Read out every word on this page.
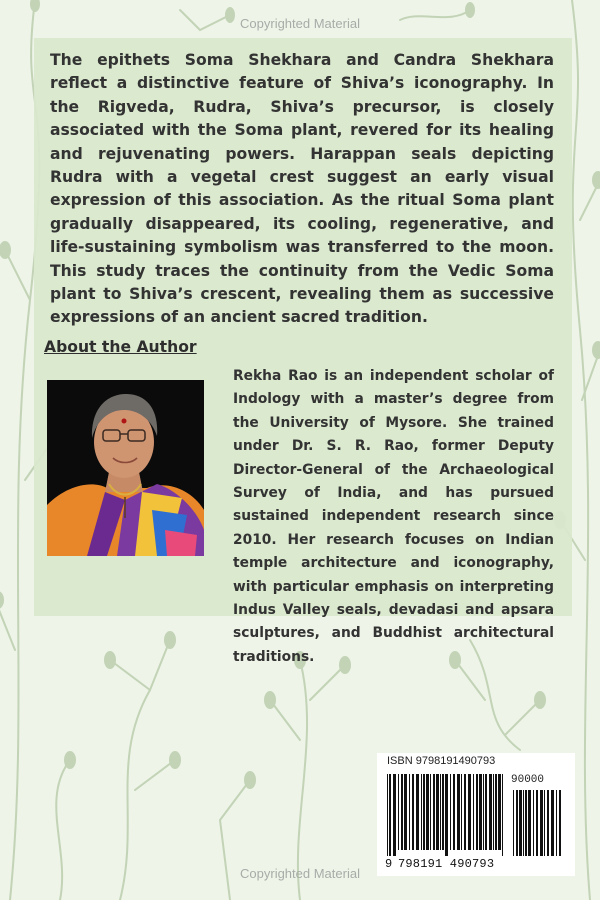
Copyrighted Material

The epithets Soma Shekhara and Candra Shekhara reflect a distinctive feature of Shiva’s iconography. In the Rigveda, Rudra, Shiva’s precursor, is closely associated with the Soma plant, revered for its healing and rejuvenating powers. Harappan seals depicting Rudra with a vegetal crest suggest an early visual expression of this association. As the ritual Soma plant gradually disappeared, its cooling, regenerative, and life-sustaining symbolism was transferred to the moon. This study traces the continuity from the Vedic Soma plant to Shiva’s crescent, revealing them as successive expressions of an ancient sacred tradition.

About the Author

Rekha Rao is an independent scholar of Indology with a master’s degree from the University of Mysore. She trained under Dr. S. R. Rao, former Deputy Director-General of the Archaeological Survey of India, and has pursued sustained independent research since 2010. Her research focuses on Indian temple architecture and iconography, with particular emphasis on interpreting Indus Valley seals, devadasi and apsara sculptures, and Buddhist architectural traditions.

ISBN 9798191490793
90000
9 798191 490793
Copyrighted Material
